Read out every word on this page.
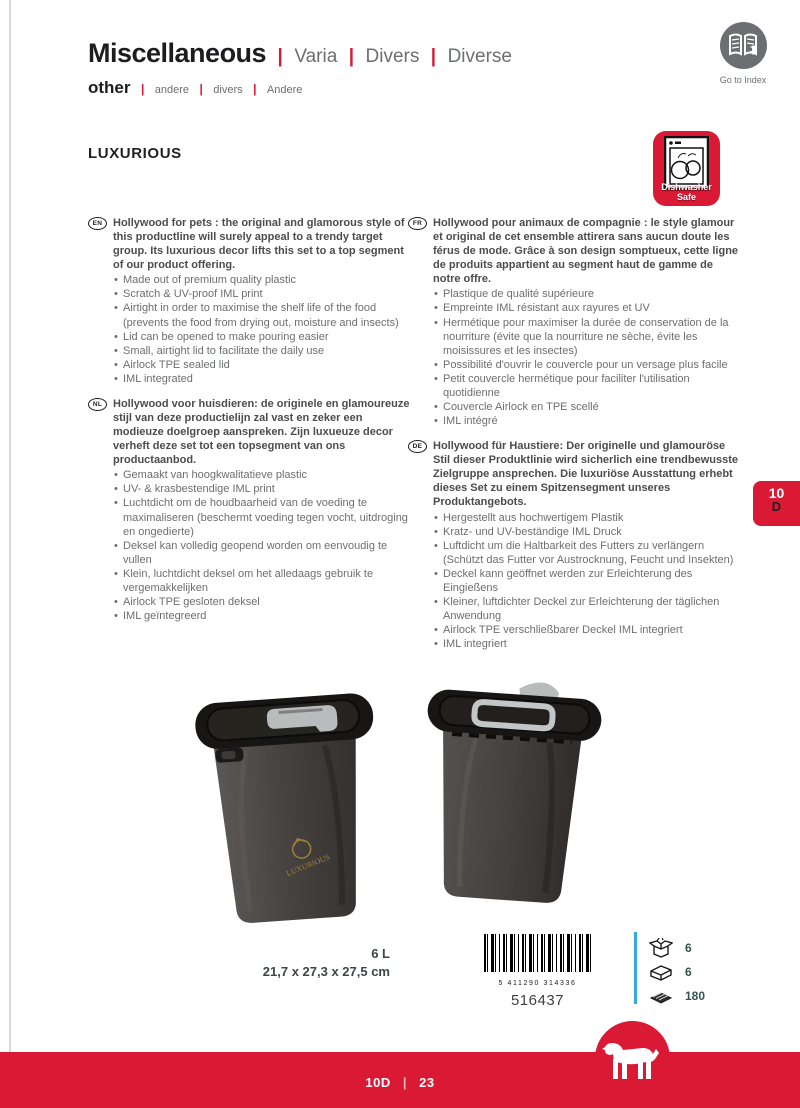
Miscellaneous | Varia | Divers | Diverse
other | andere | divers | Andere
Go to Index
LUXURIOUS
Dishwasher
Safe
EN Hollywood for pets : the original and glamorous style of this productline will surely appeal to a trendy target group. Its luxurious decor lifts this set to a top segment of our product offering.

• Made out of premium quality plastic
• Scratch & UV-proof IML print
• Airtight in order to maximise the shelf life of the food (prevents the food from drying out, moisture and insects)
• Lid can be opened to make pouring easier
• Small, airtight lid to facilitate the daily use
• Airlock TPE sealed lid
• IML integrated
NL Hollywood voor huisdieren: de originele en glamoureuze stijl van deze productielijn zal vast en zeker een modieuze doelgroep aanspreken. Zijn luxueuze decor verheft deze set tot een topsegment van ons productaanbod.

• Gemaakt van hoogkwalitatieve plastic
• UV- & krasbestendige IML print
• Luchtdicht om de houdbaarheid van de voeding te maximaliseren (beschermt voeding tegen vocht, uitdroging en ongedierte)
• Deksel kan volledig geopend worden om eenvoudig te vullen
• Klein, luchtdicht deksel om het alledaags gebruik te vergemakkelijken
• Airlock TPE gesloten deksel
• IML geïntegreerd
FR Hollywood pour animaux de compagnie : le style glamour et original de cet ensemble attirera sans aucun doute les férus de mode. Grâce à son design somptueux, cette ligne de produits appartient au segment haut de gamme de notre offre.

• Plastique de qualité supérieure
• Empreinte IML résistant aux rayures et UV
• Hermétique pour maximiser la durée de conservation de la nourriture (évite que la nourriture ne sèche, évite les moisissures et les insectes)
• Possibilité d'ouvrir le couvercle pour un versage plus facile
• Petit couvercle hermétique pour faciliter l'utilisation quotidienne
• Couvercle Airlock en TPE scellé
• IML intégré
DE Hollywood für Haustiere: Der originelle und glamouröse Stil dieser Produktlinie wird sicherlich eine trendbewusste Zielgruppe ansprechen. Die luxuriöse Ausstattung erhebt dieses Set zu einem Spitzensegment unseres Produktangebots.

• Hergestellt aus hochwertigem Plastik
• Kratz- und UV-beständige IML Druck
• Luftdicht um die Haltbarkeit des Futters zu verlängern (Schützt das Futter vor Austrocknung, Feucht und Insekten)
• Deckel kann geöffnet werden zur Erleichterung des Eingießens
• Kleiner, luftdichter Deckel zur Erleichterung der täglichen Anwendung
• Airlock TPE verschließbarer Deckel IML integriert
• IML integriert
10
D
LUXURIOUS
6 L
21,7 x 27,3 x 27,5 cm
5 411290 314336
516437
6
6
180
10D | 23
